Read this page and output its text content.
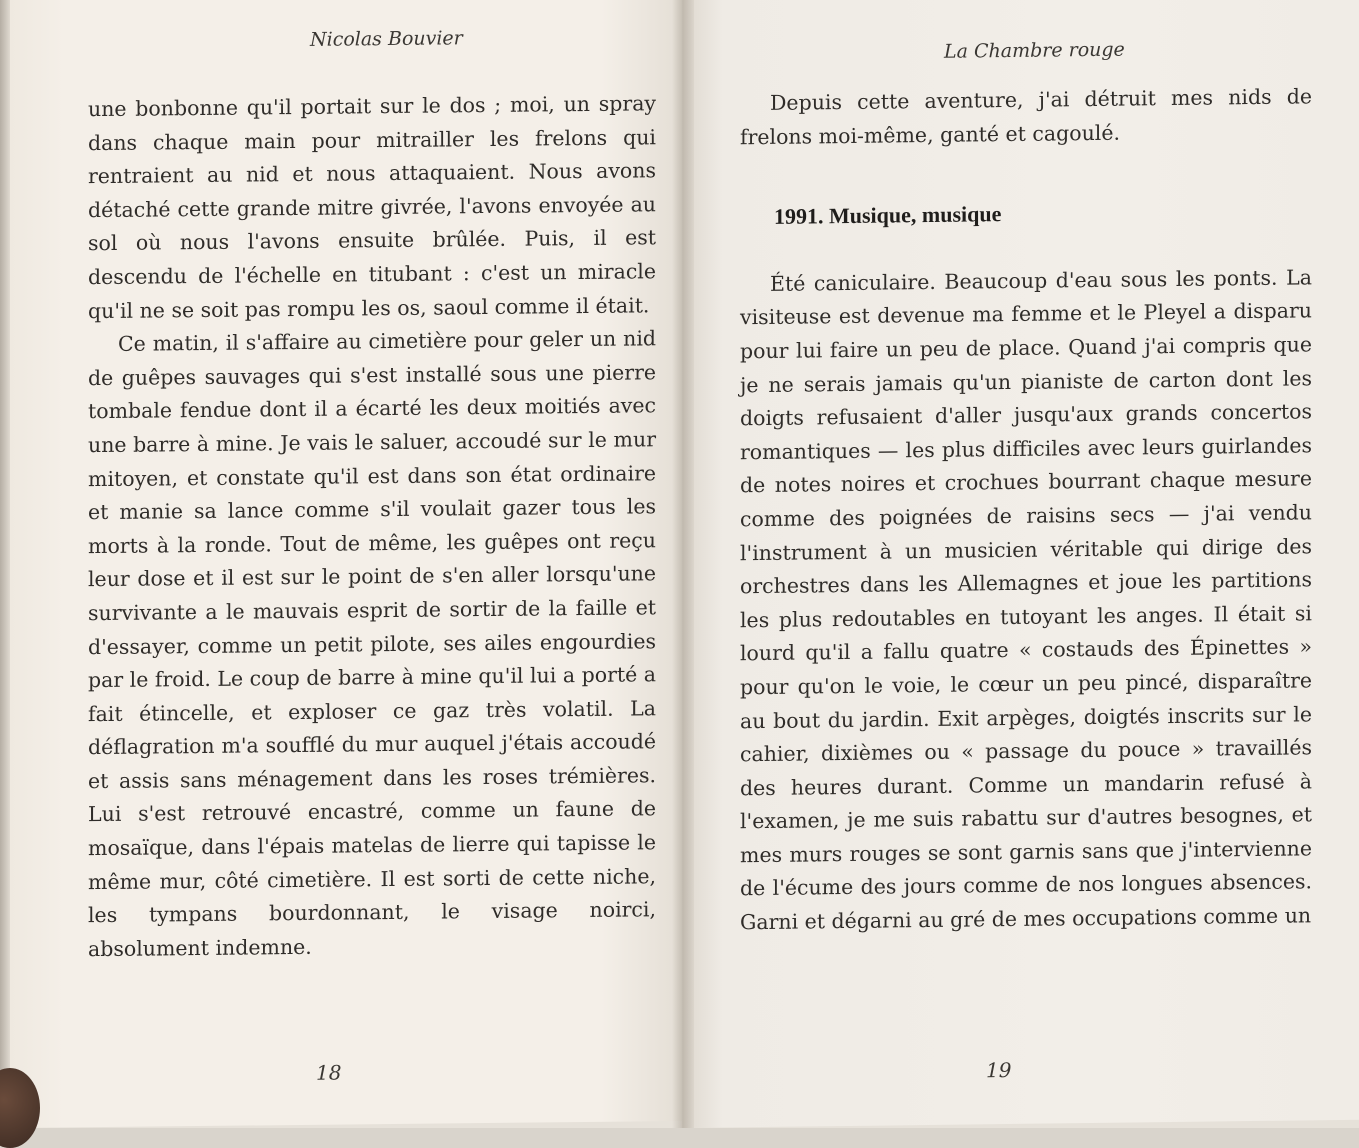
Nicolas Bouvier

une bonbonne qu'il portait sur le dos ; moi, un spray dans chaque main pour mitrailler les frelons qui rentraient au nid et nous attaquaient. Nous avons détaché cette grande mitre givrée, l'avons envoyée au sol où nous l'avons ensuite brûlée. Puis, il est descendu de l'échelle en titubant : c'est un miracle qu'il ne se soit pas rompu les os, saoul comme il était.

Ce matin, il s'affaire au cimetière pour geler un nid de guêpes sauvages qui s'est installé sous une pierre tombale fendue dont il a écarté les deux moitiés avec une barre à mine. Je vais le saluer, accoudé sur le mur mitoyen, et constate qu'il est dans son état ordinaire et manie sa lance comme s'il voulait gazer tous les morts à la ronde. Tout de même, les guêpes ont reçu leur dose et il est sur le point de s'en aller lorsqu'une survivante a le mauvais esprit de sortir de la faille et d'essayer, comme un petit pilote, ses ailes engourdies par le froid. Le coup de barre à mine qu'il lui a porté a fait étincelle, et exploser ce gaz très volatil. La déflagration m'a soufflé du mur auquel j'étais accoudé et assis sans ménagement dans les roses trémières. Lui s'est retrouvé encastré, comme un faune de mosaïque, dans l'épais matelas de lierre qui tapisse le même mur, côté cimetière. Il est sorti de cette niche, les tympans bourdonnant, le visage noirci, absolument indemne.

18
La Chambre rouge

Depuis cette aventure, j'ai détruit mes nids de frelons moi-même, ganté et cagoulé.

1991. Musique, musique

Été caniculaire. Beaucoup d'eau sous les ponts. La visiteuse est devenue ma femme et le Pleyel a disparu pour lui faire un peu de place. Quand j'ai compris que je ne serais jamais qu'un pianiste de carton dont les doigts refusaient d'aller jusqu'aux grands concertos romantiques — les plus difficiles avec leurs guirlandes de notes noires et crochues bourrant chaque mesure comme des poignées de raisins secs — j'ai vendu l'instrument à un musicien véritable qui dirige des orchestres dans les Allemagnes et joue les partitions les plus redoutables en tutoyant les anges. Il était si lourd qu'il a fallu quatre « costauds des Épinettes » pour qu'on le voie, le cœur un peu pincé, disparaître au bout du jardin. Exit arpèges, doigtés inscrits sur le cahier, dixièmes ou « passage du pouce » travaillés des heures durant. Comme un mandarin refusé à l'examen, je me suis rabattu sur d'autres besognes, et mes murs rouges se sont garnis sans que j'intervienne de l'écume des jours comme de nos longues absences. Garni et dégarni au gré de mes occupations comme un

19
